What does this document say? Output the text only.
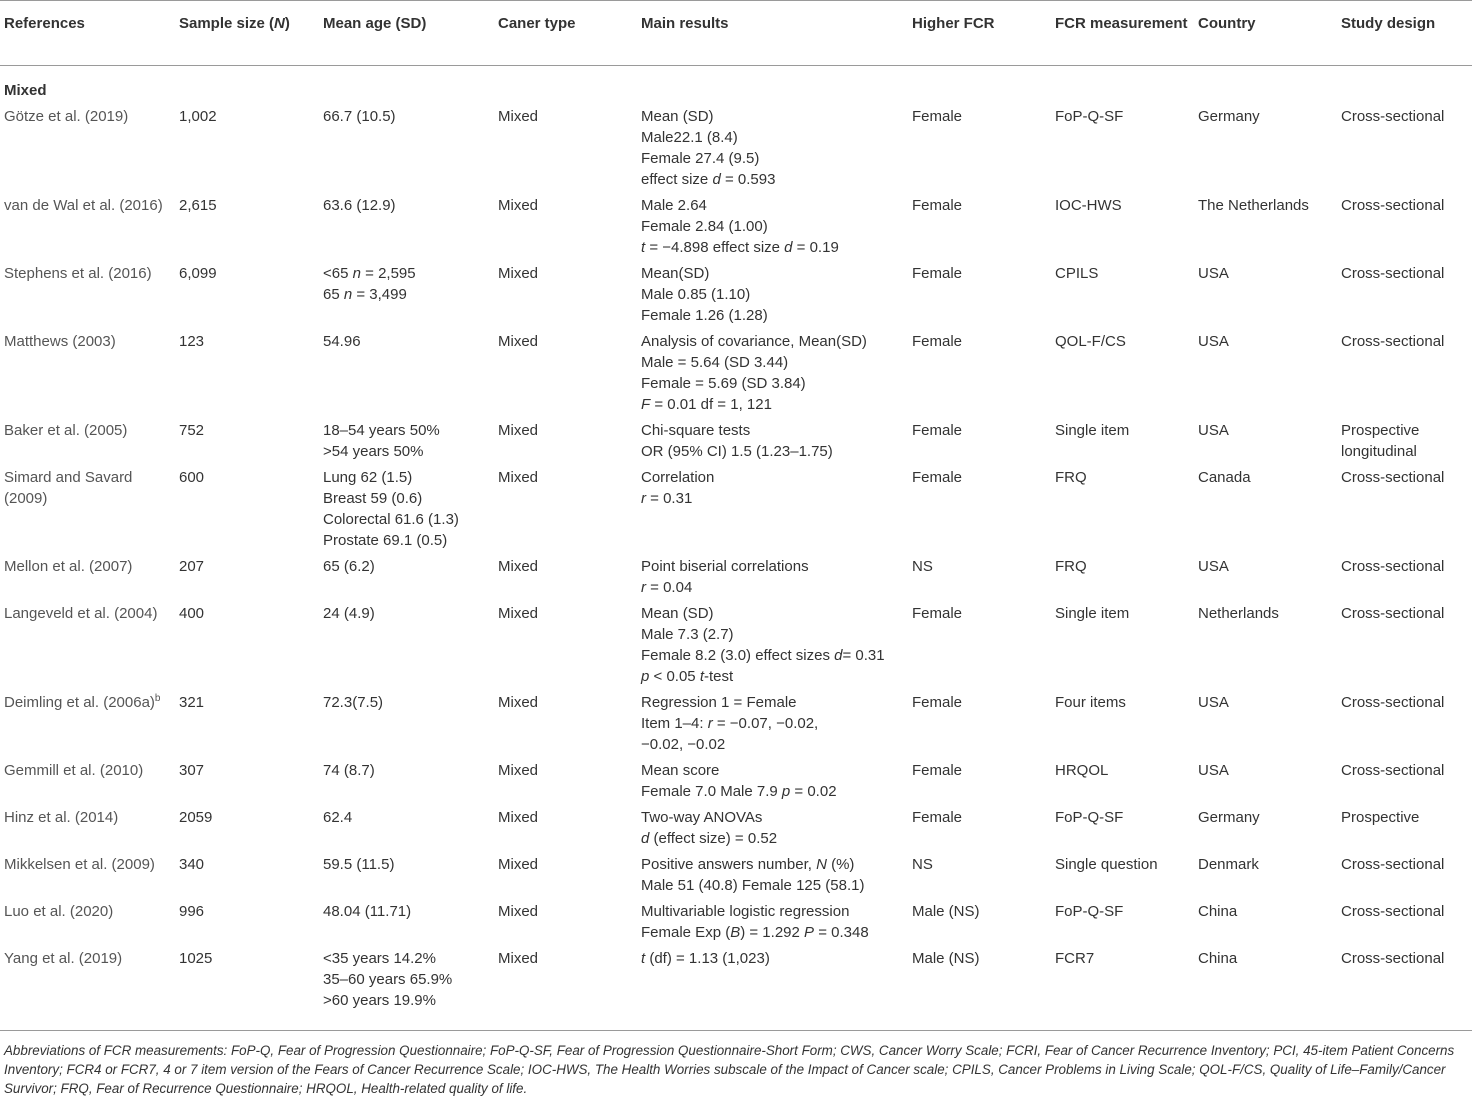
References	Sample size (N)	Mean age (SD)	Caner type	Main results	Higher FCR	FCR measurement	Country	Study design
Mixed								

Götze et al. (2019)	1,002	66.7 (10.5)	Mixed	Mean (SD)
Male22.1 (8.4)
Female 27.4 (9.5)
effect size d = 0.593	Female	FoP-Q-SF	Germany	Cross-sectional

van de Wal et al. (2016)	2,615	63.6 (12.9)	Mixed	Male 2.64
Female 2.84 (1.00)
t = −4.898 effect size d = 0.19	Female	IOC-HWS	The Netherlands	Cross-sectional

Stephens et al. (2016)	6,099	<65 n = 2,595
65 n = 3,499	Mixed	Mean(SD)
Male 0.85 (1.10)
Female 1.26 (1.28)	Female	CPILS	USA	Cross-sectional

Matthews (2003)	123	54.96	Mixed	Analysis of covariance, Mean(SD)
Male = 5.64 (SD 3.44)
Female = 5.69 (SD 3.84)
F = 0.01 df = 1, 121	Female	QOL-F/CS	USA	Cross-sectional

Baker et al. (2005)	752	18–54 years 50%
>54 years 50%	Mixed	Chi-square tests
OR (95% CI) 1.5 (1.23–1.75)	Female	Single item	USA	Prospective
longitudinal

Simard and Savard (2009)	600	Lung 62 (1.5)
Breast 59 (0.6)
Colorectal 61.6 (1.3)
Prostate 69.1 (0.5)	Mixed	Correlation
r = 0.31	Female	FRQ	Canada	Cross-sectional

Mellon et al. (2007)	207	65 (6.2)	Mixed	Point biserial correlations
r = 0.04	NS	FRQ	USA	Cross-sectional

Langeveld et al. (2004)	400	24 (4.9)	Mixed	Mean (SD)
Male 7.3 (2.7)
Female 8.2 (3.0) effect sizes d= 0.31
p < 0.05 t-test	Female	Single item	Netherlands	Cross-sectional

Deimling et al. $(2006a)^b$	321	72.3(7.5)	Mixed	Regression 1 = Female
Item 1–4: r = −0.07, −0.02,
−0.02, −0.02	Female	Four items	USA	Cross-sectional

Gemmill et al. (2010)	307	74 (8.7)	Mixed	Mean score
Female 7.0 Male 7.9 p = 0.02	Female	HRQOL	USA	Cross-sectional

Hinz et al. (2014)	2059	62.4	Mixed	Two-way ANOVAs
d (effect size) = 0.52	Female	FoP-Q-SF	Germany	Prospective

Mikkelsen et al. (2009)	340	59.5 (11.5)	Mixed	Positive answers number, N (%)
Male 51 (40.8) Female 125 (58.1)	NS	Single question	Denmark	Cross-sectional

Luo et al. (2020)	996	48.04 (11.71)	Mixed	Multivariable logistic regression
Female Exp (B) = 1.292 P = 0.348	Male (NS)	FoP-Q-SF	China	Cross-sectional

Yang et al. (2019)	1025	<35 years 14.2%
35–60 years 65.9%
>60 years 19.9%	Mixed	t (df) = 1.13 (1,023)	Male (NS)	FCR7	China	Cross-sectional
Abbreviations of FCR measurements: FoP-Q, Fear of Progression Questionnaire; FoP-Q-SF, Fear of Progression Questionnaire-Short Form; CWS, Cancer Worry Scale; FCRI, Fear of Cancer Recurrence Inventory; PCI, 45-item Patient Concerns Inventory; FCR4 or FCR7, 4 or 7 item version of the Fears of Cancer Recurrence Scale; IOC-HWS, The Health Worries subscale of the Impact of Cancer scale; CPILS, Cancer Problems in Living Scale; QOL-F/CS, Quality of Life–Family/Cancer Survivor; FRQ, Fear of Recurrence Questionnaire; HRQOL, Health-related quality of life.
